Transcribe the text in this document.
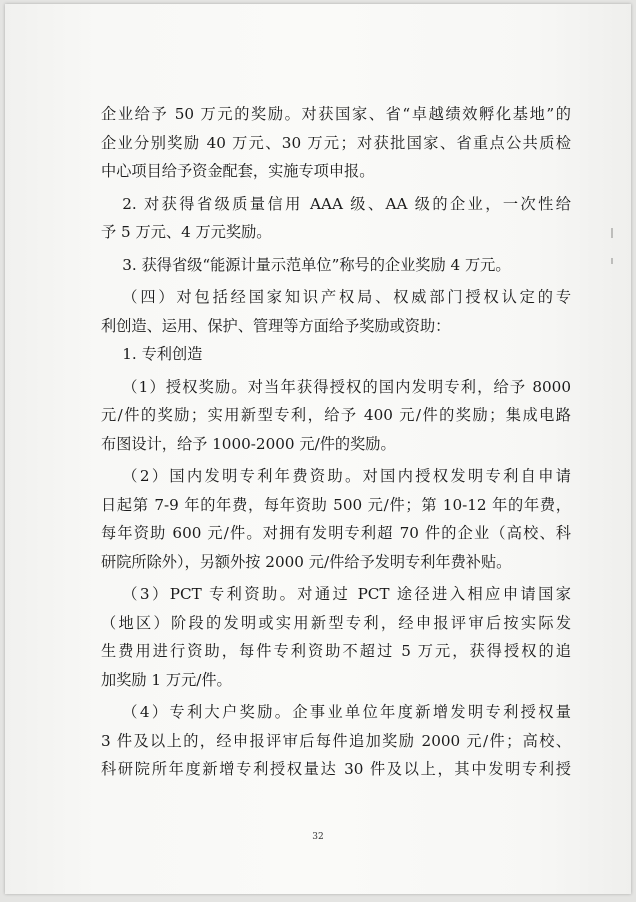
企业给予 50 万元的奖励。对获国家、省“卓越绩效孵化基地”的

企业分别奖励 40 万元、30 万元；对获批国家、省重点公共质检

中心项目给予资金配套，实施专项申报。

2. 对获得省级质量信用 AAA 级、AA 级的企业，一次性给

予 5 万元、4 万元奖励。

3. 获得省级“能源计量示范单位”称号的企业奖励 4 万元。

（四）对包括经国家知识产权局、权威部门授权认定的专

利创造、运用、保护、管理等方面给予奖励或资助：

1. 专利创造

（1）授权奖励。对当年获得授权的国内发明专利，给予 8000

元/件的奖励；实用新型专利，给予 400 元/件的奖励；集成电路

布图设计，给予 1000-2000 元/件的奖励。

（2）国内发明专利年费资助。对国内授权发明专利自申请

日起第 7-9 年的年费，每年资助 500 元/件；第 10-12 年的年费，

每年资助 600 元/件。对拥有发明专利超 70 件的企业（高校、科

研院所除外），另额外按 2000 元/件给予发明专利年费补贴。

（3）PCT 专利资助。对通过 PCT 途径进入相应申请国家

（地区）阶段的发明或实用新型专利，经申报评审后按实际发

生费用进行资助，每件专利资助不超过 5 万元，获得授权的追

加奖励 1 万元/件。

（4）专利大户奖励。企事业单位年度新增发明专利授权量

3 件及以上的，经申报评审后每件追加奖励 2000 元/件；高校、

科研院所年度新增专利授权量达 30 件及以上，其中发明专利授

32
